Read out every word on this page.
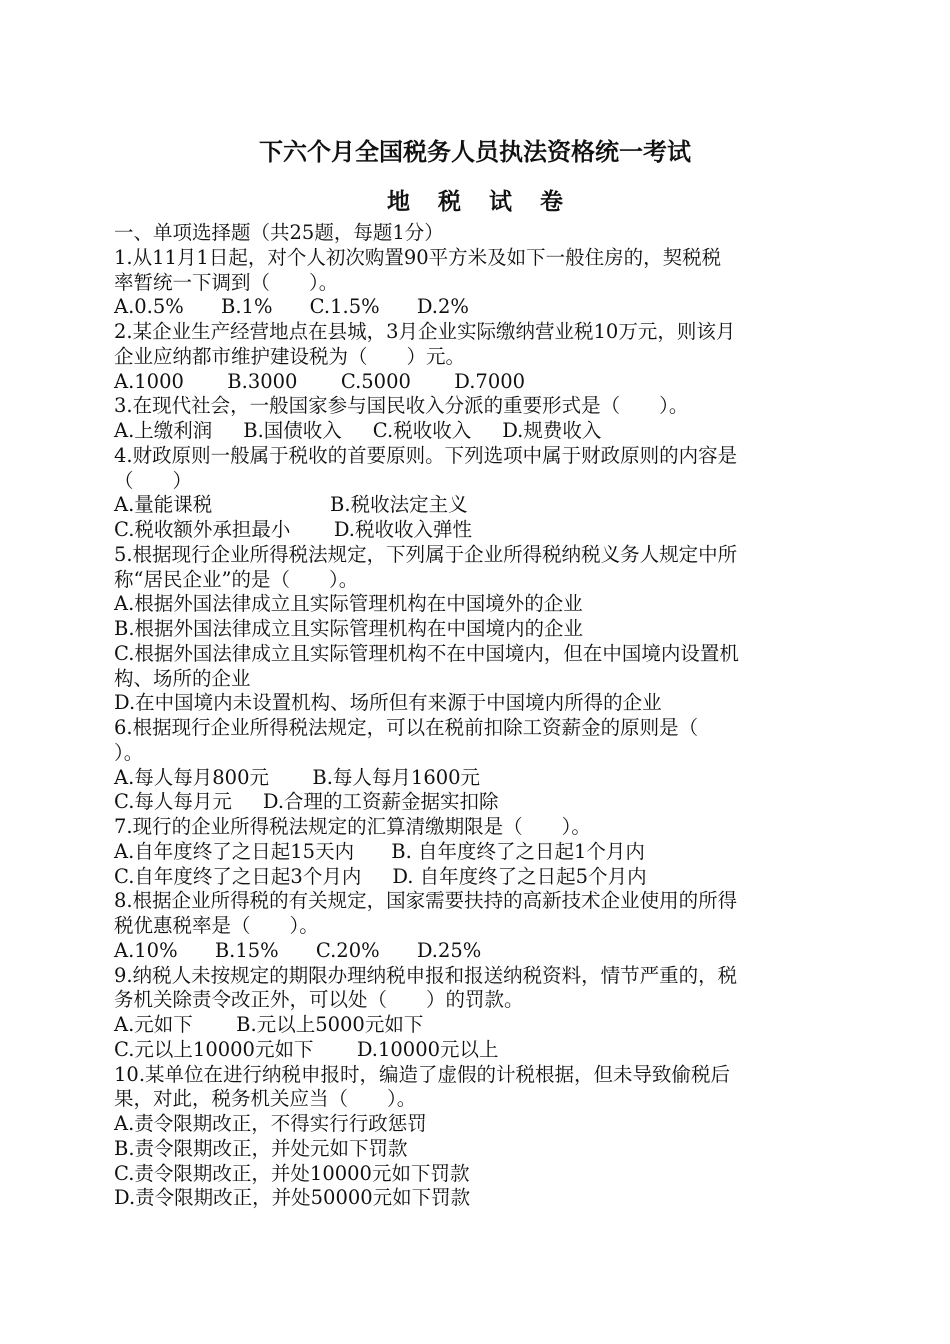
下六个月全国税务人员执法资格统一考试
地 税 试 卷
一、单项选择题（共25题，每题1分）
1.从11月1日起，对个人初次购置90平方米及如下一般住房的，契税税
率暂统一下调到（　　）。
A.0.5%      B.1%      C.1.5%      D.2%
2.某企业生产经营地点在县城，3月企业实际缴纳营业税10万元，则该月
企业应纳都市维护建设税为（　　）元。
A.1000       B.3000       C.5000       D.7000
3.在现代社会，一般国家参与国民收入分派的重要形式是（　　）。
A.上缴利润     B.国债收入     C.税收收入     D.规费收入
4.财政原则一般属于税收的首要原则。下列选项中属于财政原则的内容是
（　　）
A.量能课税                   B.税收法定主义
C.税收额外承担最小       D.税收收入弹性
5.根据现行企业所得税法规定，下列属于企业所得税纳税义务人规定中所
称“居民企业”的是（　　）。
A.根据外国法律成立且实际管理机构在中国境外的企业
B.根据外国法律成立且实际管理机构在中国境内的企业
C.根据外国法律成立且实际管理机构不在中国境内，但在中国境内设置机
构、场所的企业
D.在中国境内未设置机构、场所但有来源于中国境内所得的企业
6.根据现行企业所得税法规定，可以在税前扣除工资薪金的原则是（
）。
A.每人每月800元       B.每人每月1600元
C.每人每月元     D.合理的工资薪金据实扣除
7.现行的企业所得税法规定的汇算清缴期限是（　　）。
A.自年度终了之日起15天内      B. 自年度终了之日起1个月内
C.自年度终了之日起3个月内     D. 自年度终了之日起5个月内
8.根据企业所得税的有关规定，国家需要扶持的高新技术企业使用的所得
税优惠税率是（　　）。
A.10%      B.15%      C.20%      D.25%
9.纳税人未按规定的期限办理纳税申报和报送纳税资料，情节严重的，税
务机关除责令改正外，可以处（　　）的罚款。
A.元如下       B.元以上5000元如下
C.元以上10000元如下       D.10000元以上
10.某单位在进行纳税申报时，编造了虚假的计税根据，但未导致偷税后
果，对此，税务机关应当（　　）。
A.责令限期改正，不得实行行政惩罚
B.责令限期改正，并处元如下罚款
C.责令限期改正，并处10000元如下罚款
D.责令限期改正，并处50000元如下罚款
